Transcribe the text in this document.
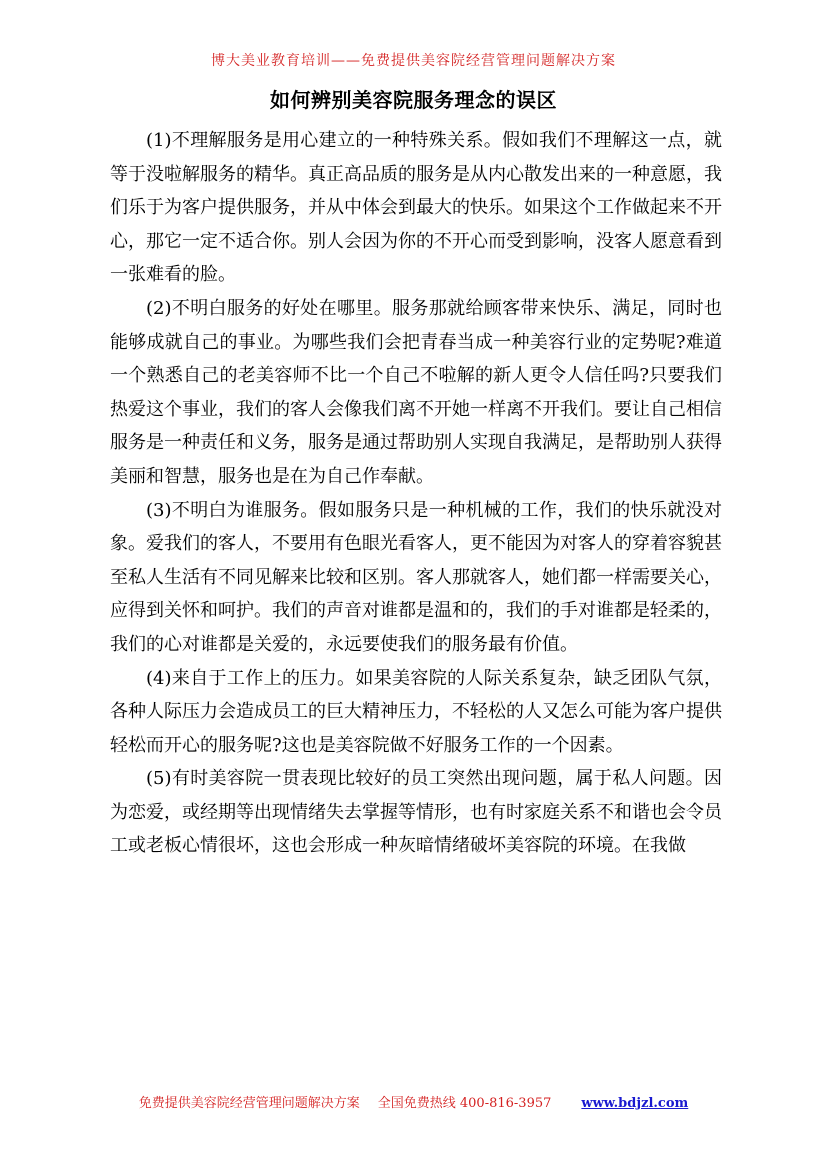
博大美业教育培训——免费提供美容院经营管理问题解决方案
如何辨别美容院服务理念的误区

(1)不理解服务是用心建立的一种特殊关系。假如我们不理解这一点，就等于没啦解服务的精华。真正高品质的服务是从内心散发出来的一种意愿，我们乐于为客户提供服务，并从中体会到最大的快乐。如果这个工作做起来不开心，那它一定不适合你。别人会因为你的不开心而受到影响，没客人愿意看到一张难看的脸。

(2)不明白服务的好处在哪里。服务那就给顾客带来快乐、满足，同时也能够成就自己的事业。为哪些我们会把青春当成一种美容行业的定势呢?难道一个熟悉自己的老美容师不比一个自己不啦解的新人更令人信任吗?只要我们热爱这个事业，我们的客人会像我们离不开她一样离不开我们。要让自己相信服务是一种责任和义务，服务是通过帮助别人实现自我满足，是帮助别人获得美丽和智慧，服务也是在为自己作奉献。

(3)不明白为谁服务。假如服务只是一种机械的工作，我们的快乐就没对象。爱我们的客人，不要用有色眼光看客人，更不能因为对客人的穿着容貌甚至私人生活有不同见解来比较和区别。客人那就客人，她们都一样需要关心，应得到关怀和呵护。我们的声音对谁都是温和的，我们的手对谁都是轻柔的，我们的心对谁都是关爱的，永远要使我们的服务最有价值。

(4)来自于工作上的压力。如果美容院的人际关系复杂，缺乏团队气氛，各种人际压力会造成员工的巨大精神压力，不轻松的人又怎么可能为客户提供轻松而开心的服务呢?这也是美容院做不好服务工作的一个因素。

(5)有时美容院一贯表现比较好的员工突然出现问题，属于私人问题。因为恋爱，或经期等出现情绪失去掌握等情形，也有时家庭关系不和谐也会令员工或老板心情很坏，这也会形成一种灰暗情绪破坏美容院的环境。在我做

免费提供美容院经营管理问题解决方案 全国免费热线 400-816-3957 www.bdjzl.com
